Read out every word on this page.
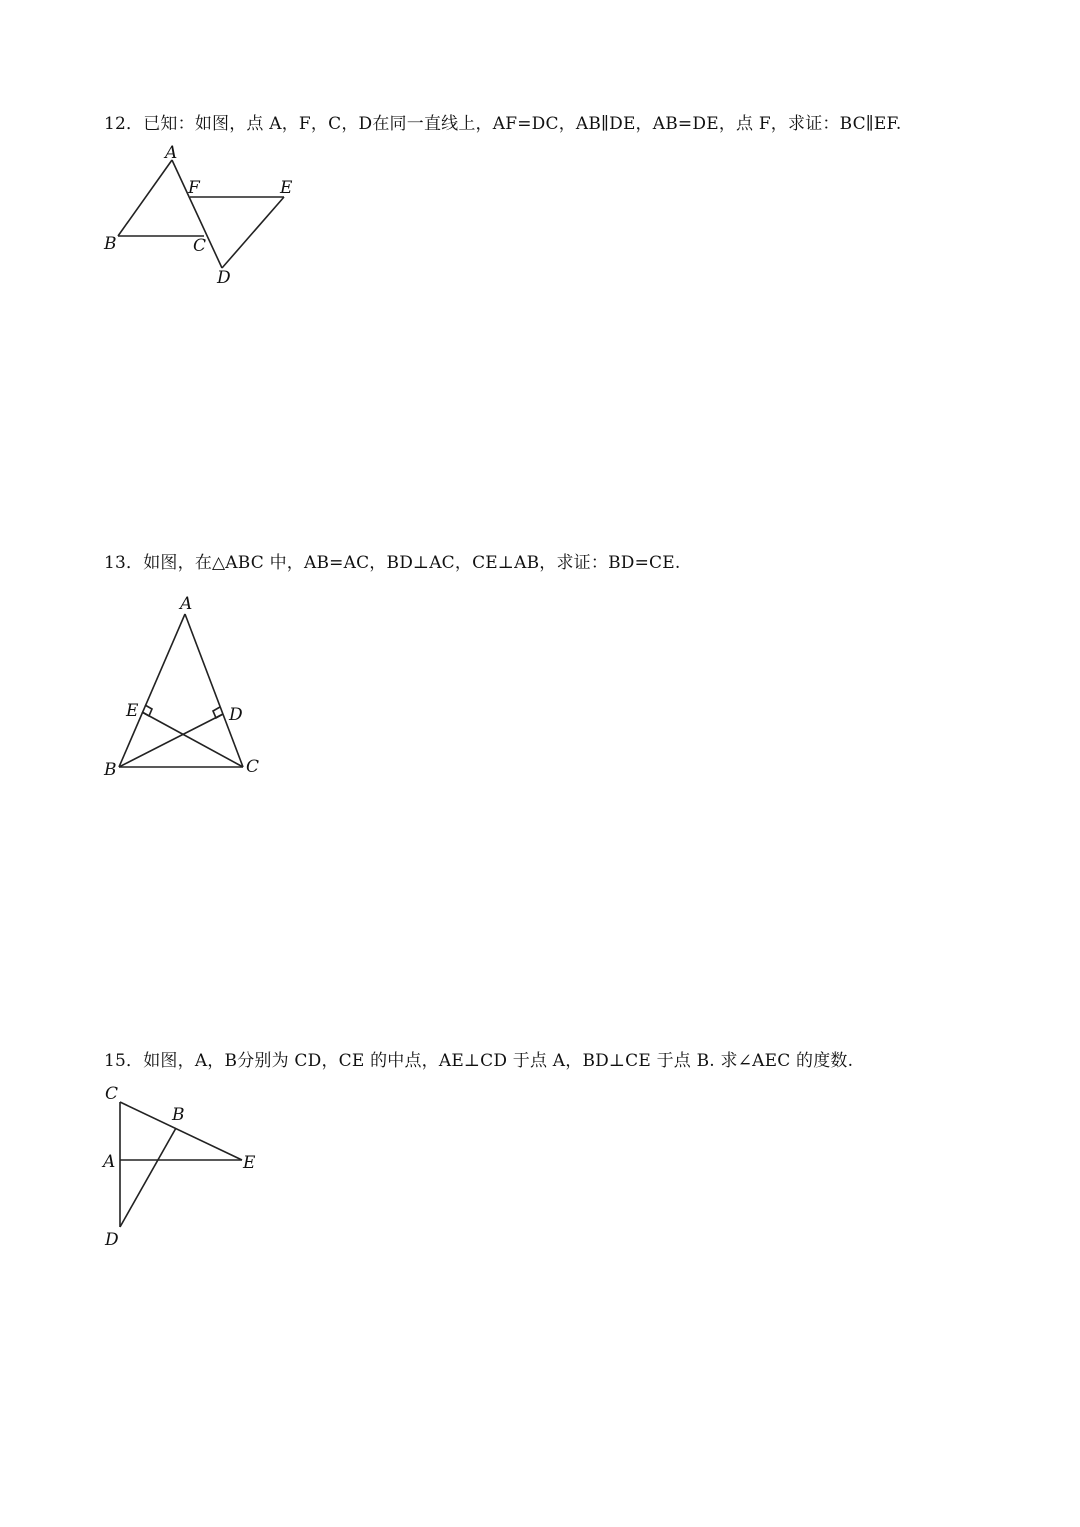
12．已知：如图，点 A，F，C，D在同一直线上，AF=DC，AB∥DE，AB=DE，点 F，求证：BC∥EF.
A
F	E
B	C
D
13．如图，在△ABC 中，AB=AC，BD⊥AC，CE⊥AB，求证：BD=CE.
A
E	D
B	C
15．如图，A，B分别为 CD，CE 的中点，AE⊥CD 于点 A，BD⊥CE 于点 B. 求∠AEC 的度数.
C
B
A	E
D
